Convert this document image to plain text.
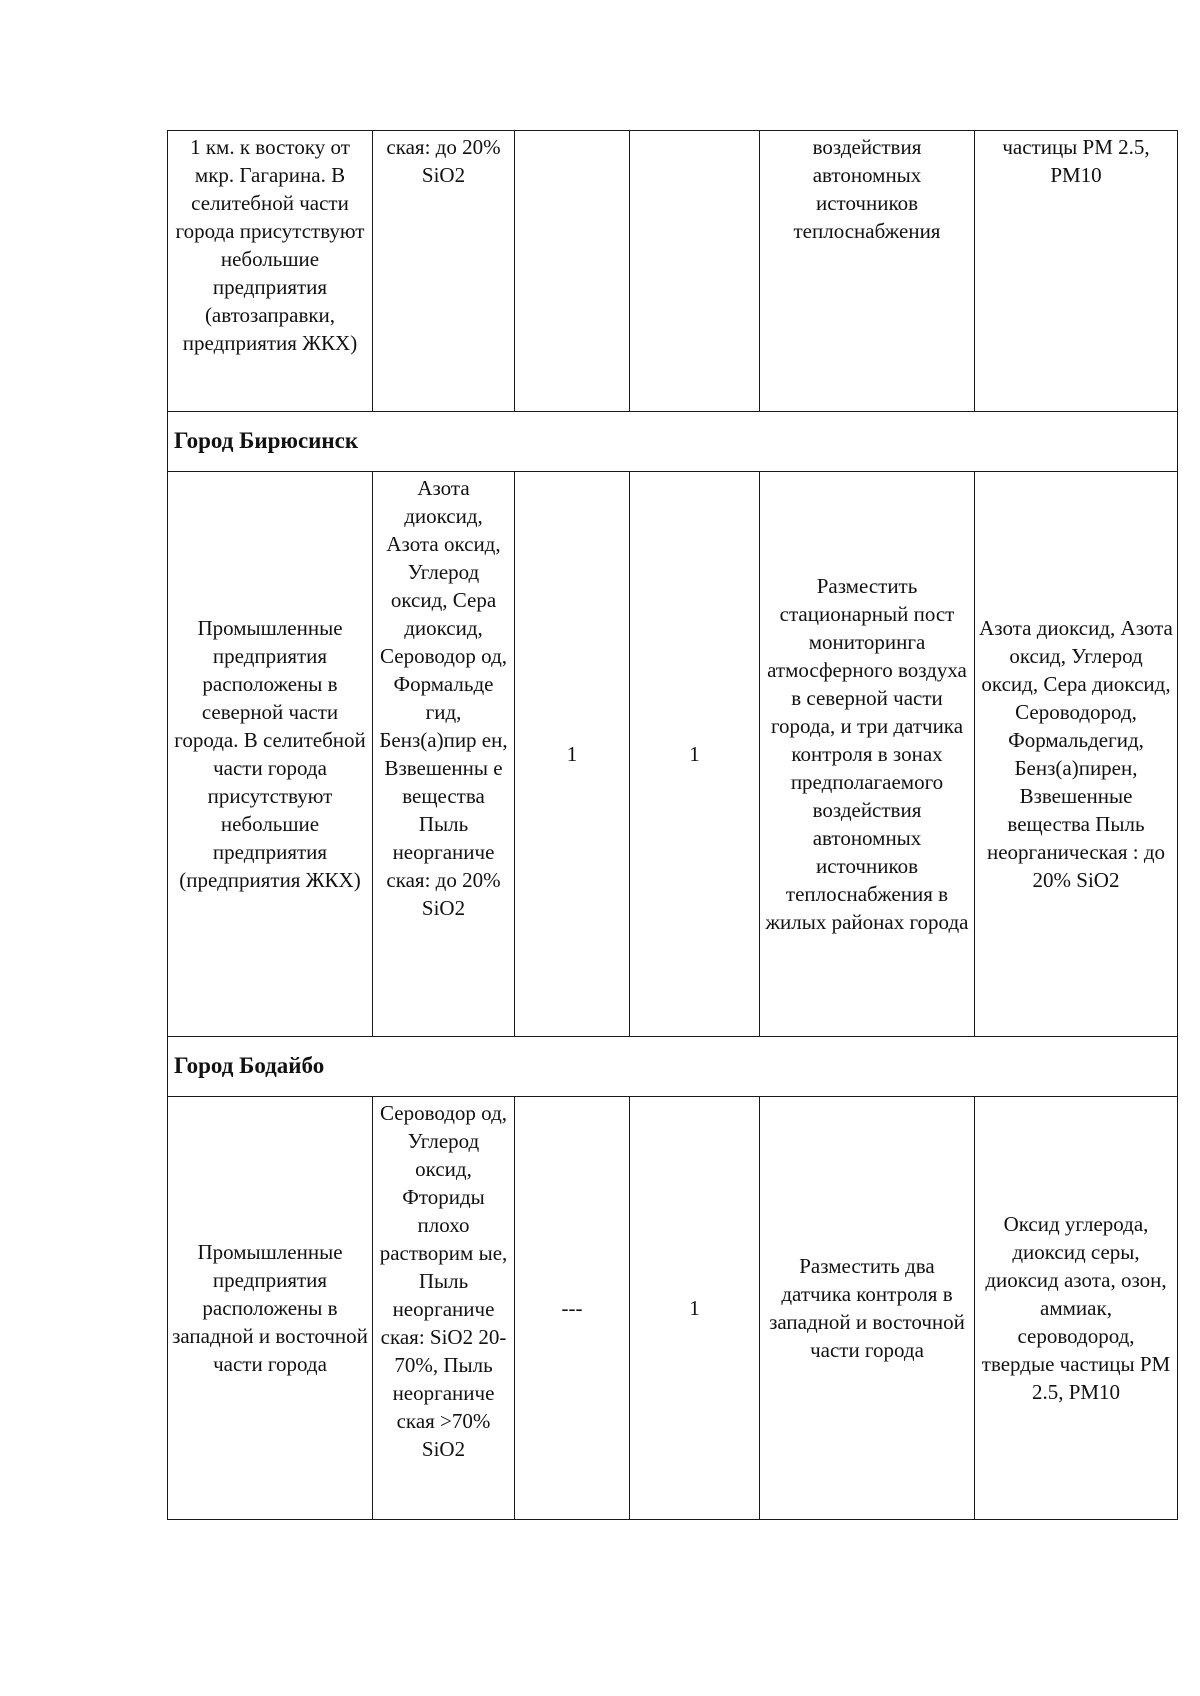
1 км. к востоку от мкр. Гагарина. В селитебной части города присутствуют небольшие предприятия (автозаправки, предприятия ЖКХ)	ская: до 20% SiO2			воздействия автономных источников теплоснабжения	частицы РМ 2.5, РМ10
Город Бирюсинск					
Промышленные предприятия расположены в северной части города. В селитебной части города присутствуют небольшие предприятия (предприятия ЖКХ)	Азота диоксид, Азота оксид, Углерод оксид, Сера диоксид, Сероводор од, Формальде гид, Бенз(а)пир ен, Взвешенны е вещества Пыль неорганиче ская: до 20% SiO2	1	1	Разместить стационарный пост мониторинга атмосферного воздуха в северной части города, и три датчика контроля в зонах предполагаемого воздействия автономных источников теплоснабжения в жилых районах города	Азота диоксид, Азота оксид, Углерод оксид, Сера диоксид, Сероводород, Формальдегид, Бенз(а)пирен, Взвешенные вещества Пыль неорганическая : до 20% SiO2
Город Бодайбо					
Промышленные предприятия расположены в западной и восточной части города	Сероводор од, Углерод оксид, Фториды плохо растворим ые, Пыль неорганиче ская: SiO2 20-70%, Пыль неорганиче ская >70% SiO2	---	1	Разместить два датчика контроля в западной и восточной части города	Оксид углерода, диоксид серы, диоксид азота, озон, аммиак, сероводород, твердые частицы РМ 2.5, РМ10
